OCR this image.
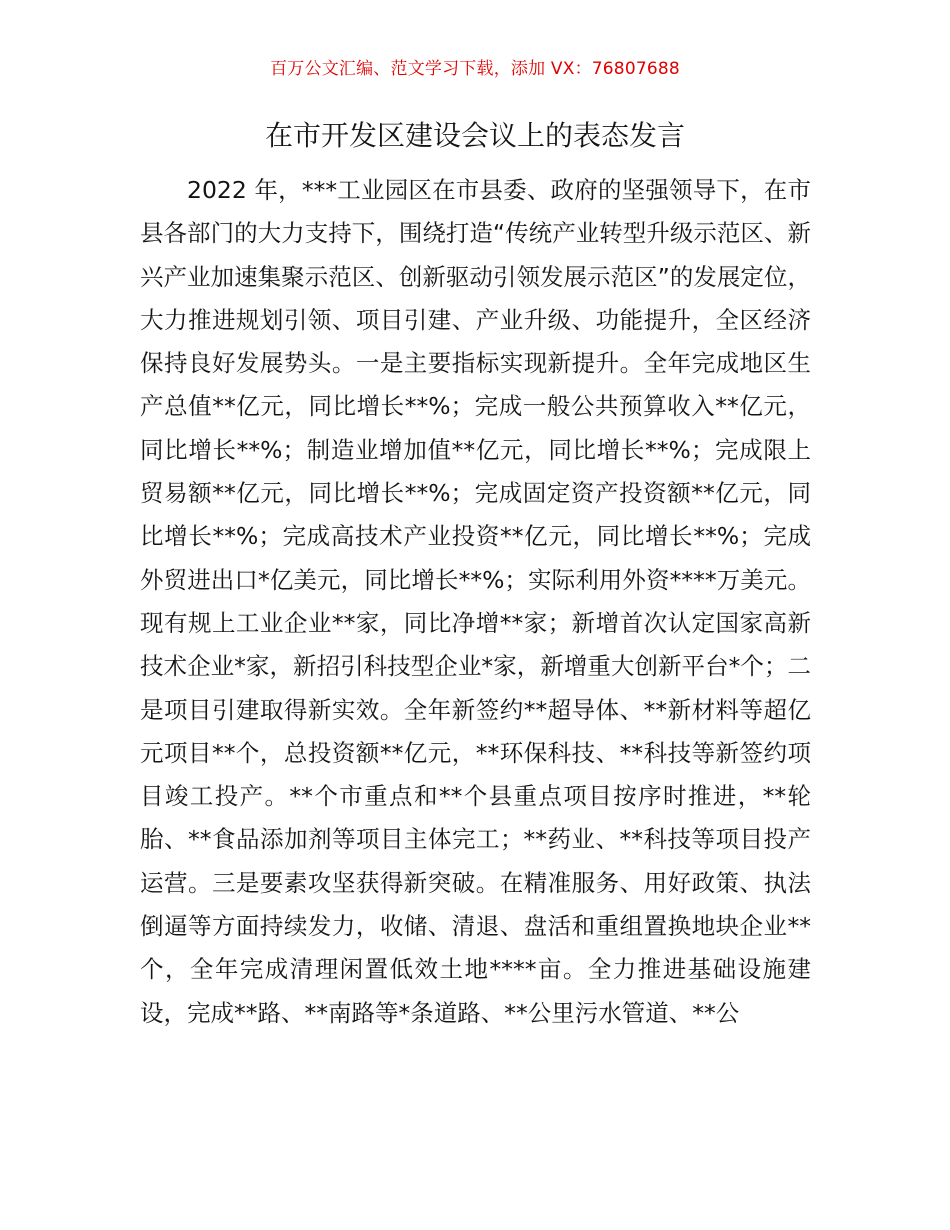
百万公文汇编、范文学习下载，添加 VX：76807688
在市开发区建设会议上的表态发言

2022 年，***工业园区在市县委、政府的坚强领导下，在市县各部门的大力支持下，围绕打造“传统产业转型升级示范区、新兴产业加速集聚示范区、创新驱动引领发展示范区”的发展定位，大力推进规划引领、项目引建、产业升级、功能提升，全区经济保持良好发展势头。一是主要指标实现新提升。全年完成地区生产总值**亿元，同比增长**%；完成一般公共预算收入**亿元，同比增长**%；制造业增加值**亿元，同比增长**%；完成限上贸易额**亿元，同比增长**%；完成固定资产投资额**亿元，同比增长**%；完成高技术产业投资**亿元，同比增长**%；完成外贸进出口*亿美元，同比增长**%；实际利用外资****万美元。现有规上工业企业**家，同比净增**家；新增首次认定国家高新技术企业*家，新招引科技型企业*家，新增重大创新平台*个；二是项目引建取得新实效。全年新签约**超导体、**新材料等超亿元项目**个，总投资额**亿元，**环保科技、**科技等新签约项目竣工投产。**个市重点和**个县重点项目按序时推进，**轮胎、**食品添加剂等项目主体完工；**药业、**科技等项目投产运营。三是要素攻坚获得新突破。在精准服务、用好政策、执法倒逼等方面持续发力，收储、清退、盘活和重组置换地块企业**个，全年完成清理闲置低效土地****亩。全力推进基础设施建设，完成**路、**南路等*条道路、**公里污水管道、**公
